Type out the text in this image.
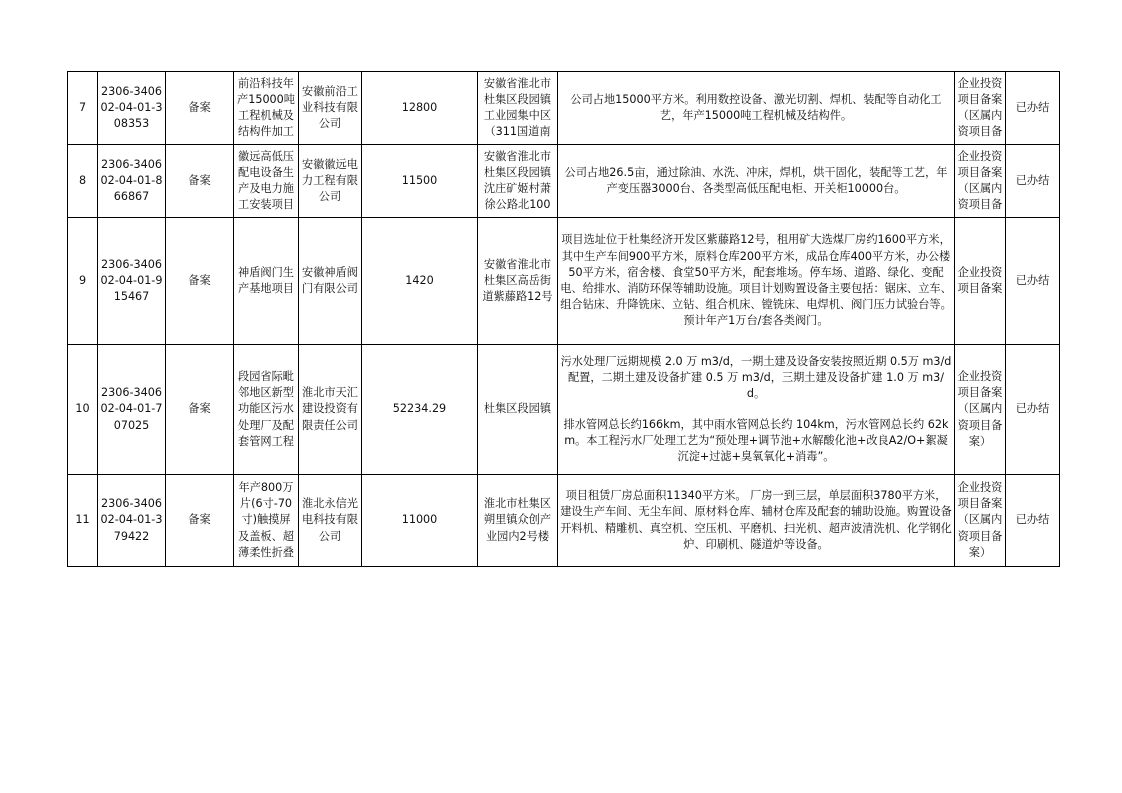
7	2306-340602-04-01-308353	备案	前沿科技年产15000吨工程机械及结构件加工	安徽前沿工业科技有限公司	12800	安徽省淮北市杜集区段园镇工业园集中区（311国道南	公司占地15000平方米。利用数控设备、激光切割、焊机、装配等自动化工艺，年产15000吨工程机械及结构件。	企业投资项目备案（区属内资项目备	已办结
8	2306-340602-04-01-866867	备案	徽远高低压配电设备生产及电力施工安装项目	安徽徽远电力工程有限公司	11500	安徽省淮北市杜集区段园镇沈庄矿姬村萧徐公路北100	公司占地26.5亩，通过除油、水洗、冲床，焊机，烘干固化，装配等工艺，年产变压器3000台、各类型高低压配电柜、开关柜10000台。	企业投资项目备案（区属内资项目备	已办结
9	2306-340602-04-01-915467	备案	神盾阀门生产基地项目	安徽神盾阀门有限公司	1420	安徽省淮北市杜集区高岳街道紫藤路12号	项目选址位于杜集经济开发区紫藤路12号，租用矿大选煤厂房约1600平方米，其中生产车间900平方米，原料仓库200平方米，成品仓库400平方米，办公楼50平方米，宿舍楼、食堂50平方米，配套堆场。停车场、道路、绿化、变配电、给排水、消防环保等辅助设施。项目计划购置设备主要包括：锯床、立车、组合钻床、升降铣床、立钻、组合机床、镗铣床、电焊机、阀门压力试验台等。预计年产1万台/套各类阀门。	企业投资项目备案	已办结
10	2306-340602-04-01-707025	备案	段园省际毗邻地区新型功能区污水处理厂及配套管网工程	淮北市天汇建设投资有限责任公司	52234.29	杜集区段园镇	污水处理厂远期规模 2.0 万 m3/d，一期土建及设备安装按照近期 0.5万 m3/d 配置，二期土建及设备扩建 0.5 万 m3/d，三期土建及设备扩建 1.0 万 m3/d。
排水管网总长约166km，其中雨水管网总长约 104km，污水管网总长约 62km。本工程污水厂处理工艺为“预处理+调节池+水解酸化池+改良A2/O+絮凝沉淀+过滤+臭氧氧化+消毒”。	企业投资项目备案（区属内资项目备案）	已办结
11	2306-340602-04-01-379422	备案	年产800万片(6寸-70寸)触摸屏及盖板、超薄柔性折叠	淮北永信光电科技有限公司	11000	淮北市杜集区朔里镇众创产业园内2号楼	项目租赁厂房总面积11340平方米。 厂房一到三层，单层面积3780平方米，建设生产车间、无尘车间、原材料仓库、辅材仓库及配套的辅助设施。购置设备开料机、精雕机、真空机、空压机、平磨机、扫光机、超声波清洗机、化学钢化炉、印刷机、隧道炉等设备。	企业投资项目备案（区属内资项目备案）	已办结
